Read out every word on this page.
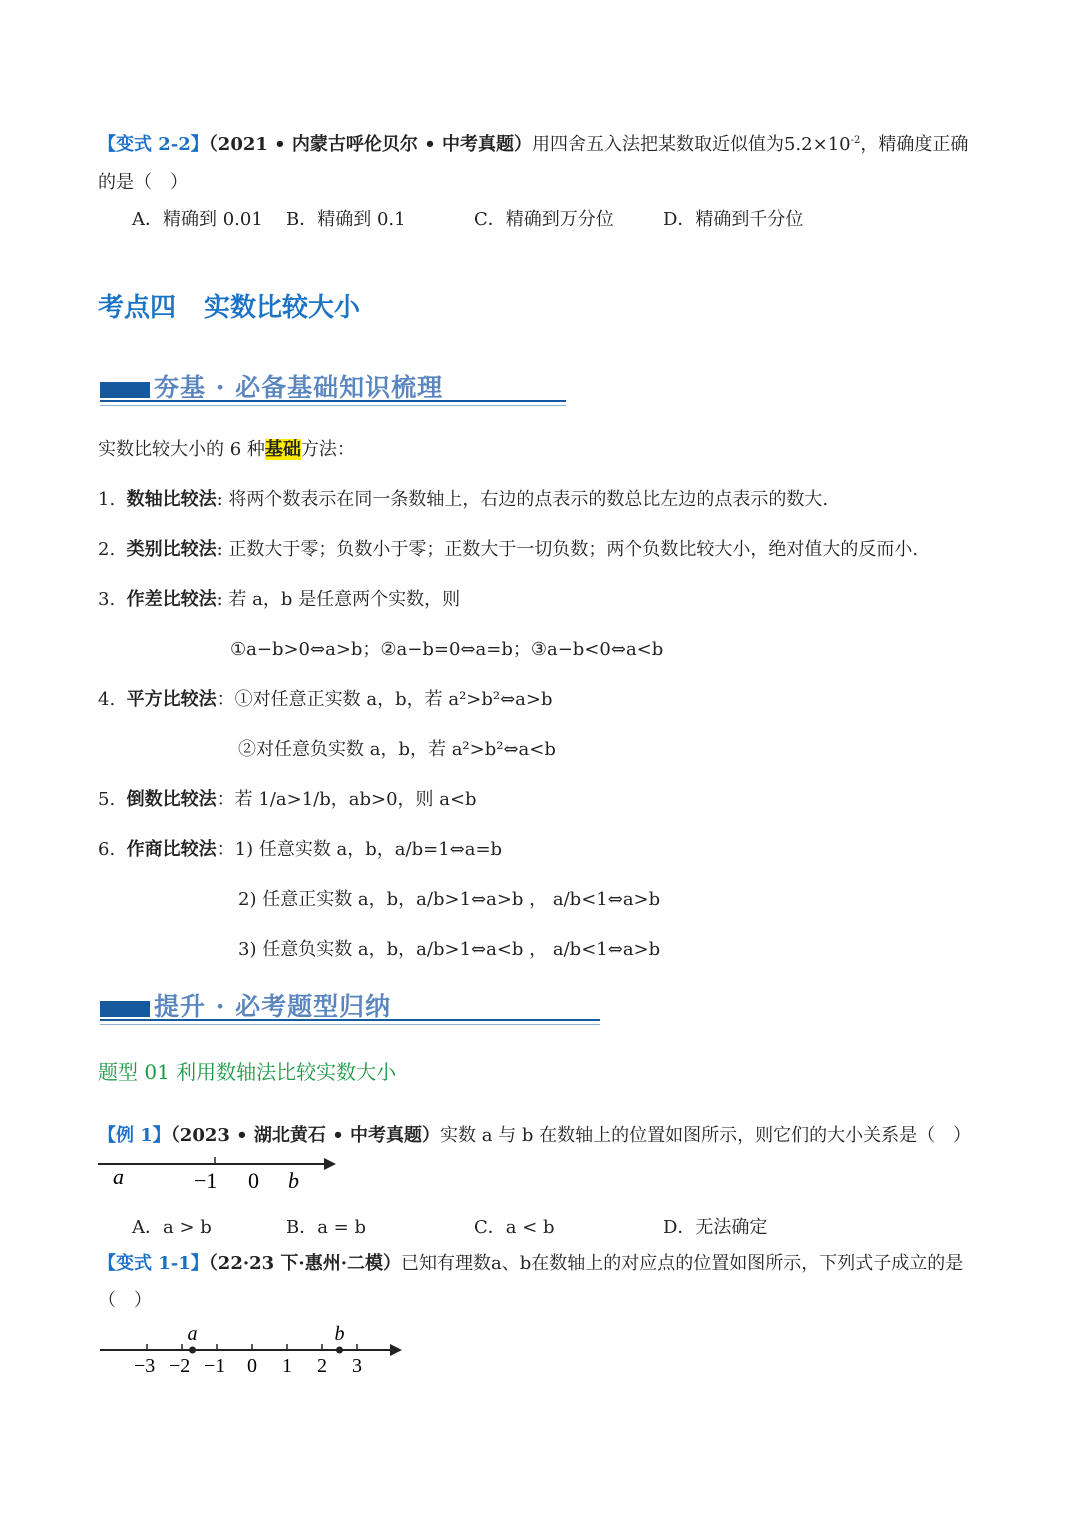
【变式 2-2】（2021 • 内蒙古呼伦贝尔 • 中考真题）用四舍五入法把某数取近似值为$5.2\times 10^{-2}$，精确度正确
的是（　）
A．精确到 0.01 B．精确到 0.1	C．精确到万分位	D．精确到千分位
考点四 实数比较大小
夯基 · 必备基础知识梳理
实数比较大小的 6 种基础方法：
1. 数轴比较法: 将两个数表示在同一条数轴上，右边的点表示的数总比左边的点表示的数大.
2. 类别比较法: 正数大于零；负数小于零；正数大于一切负数；两个负数比较大小，绝对值大的反而小.
3. 作差比较法: 若 a，b 是任意两个实数，则
①a−b>0⇔a>b；②a−b=0⇔a=b；③a−b<0⇔a<b
4. 平方比较法：①对任意正实数 a，b，若 a²>b²⇔a>b
②对任意负实数 a，b，若 a²>b²⇔a<b
5. 倒数比较法：若 1/a>1/b，ab>0，则 a<b
6. 作商比较法：1) 任意实数 a，b，a/b=1⇔a=b
2) 任意正实数 a，b，a/b>1⇔a>b ， a/b<1⇔a>b
3) 任意负实数 a，b，a/b>1⇔a<b ， a/b<1⇔a>b
提升 · 必考题型归纳
题型 01 利用数轴法比较实数大小
【例 1】（2023 • 湖北黄石 • 中考真题）实数 a 与 b 在数轴上的位置如图所示，则它们的大小关系是（　）
a	−1 0 b
A．a > b	B．a = b	C．a < b	D．无法确定
【变式 1-1】（22·23 下·惠州·二模）已知有理数a、b在数轴上的对应点的位置如图所示，下列式子成立的是
（　）
−3 −2 −1 0 1 2 3
a	b
